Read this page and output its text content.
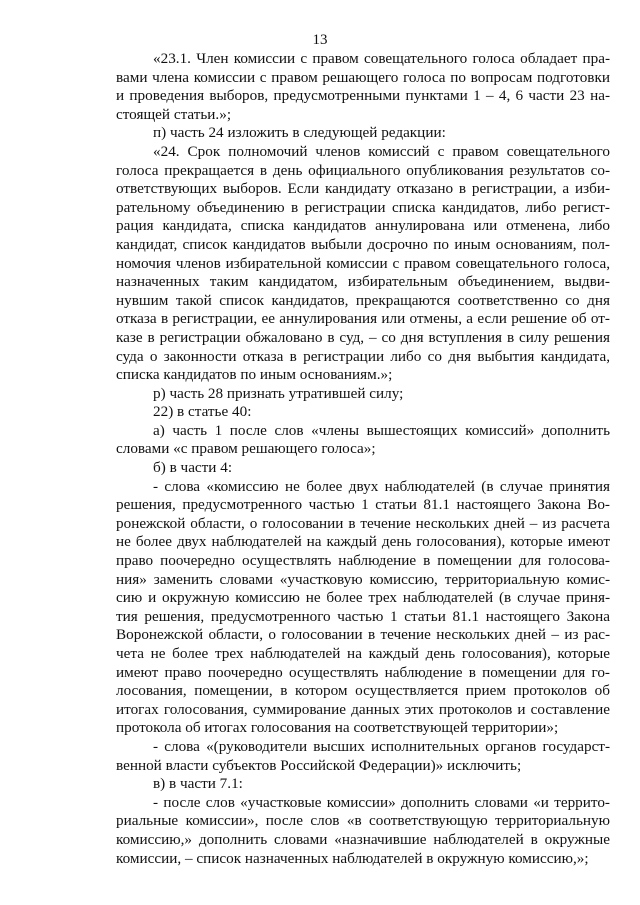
13
«23.1. Член комиссии с правом совещательного голоса обладает пра-
вами члена комиссии с правом решающего голоса по вопросам подготовки
и проведения выборов, предусмотренными пунктами 1 – 4, 6 части 23 на-
стоящей статьи.»;
п) часть 24 изложить в следующей редакции:
«24. Срок полномочий членов комиссий с правом совещательного
голоса прекращается в день официального опубликования результатов со-
ответствующих выборов. Если кандидату отказано в регистрации, а изби-
рательному объединению в регистрации списка кандидатов, либо регист-
рация кандидата, списка кандидатов аннулирована или отменена, либо
кандидат, список кандидатов выбыли досрочно по иным основаниям, пол-
номочия членов избирательной комиссии с правом совещательного голоса,
назначенных таким кандидатом, избирательным объединением, выдви-
нувшим такой список кандидатов, прекращаются соответственно со дня
отказа в регистрации, ее аннулирования или отмены, а если решение об от-
казе в регистрации обжаловано в суд, – со дня вступления в силу решения
суда о законности отказа в регистрации либо со дня выбытия кандидата,
списка кандидатов по иным основаниям.»;
р) часть 28 признать утратившей силу;
22) в статье 40:
а) часть 1 после слов «члены вышестоящих комиссий» дополнить
словами «с правом решающего голоса»;
б) в части 4:
- слова «комиссию не более двух наблюдателей (в случае принятия
решения, предусмотренного частью 1 статьи 81.1 настоящего Закона Во-
ронежской области, о голосовании в течение нескольких дней – из расчета
не более двух наблюдателей на каждый день голосования), которые имеют
право поочередно осуществлять наблюдение в помещении для голосова-
ния» заменить словами «участковую комиссию, территориальную комис-
сию и окружную комиссию не более трех наблюдателей (в случае приня-
тия решения, предусмотренного частью 1 статьи 81.1 настоящего Закона
Воронежской области, о голосовании в течение нескольких дней – из рас-
чета не более трех наблюдателей на каждый день голосования), которые
имеют право поочередно осуществлять наблюдение в помещении для го-
лосования, помещении, в котором осуществляется прием протоколов об
итогах голосования, суммирование данных этих протоколов и составление
протокола об итогах голосования на соответствующей территории»;
- слова «(руководители высших исполнительных органов государст-
венной власти субъектов Российской Федерации)» исключить;
в) в части 7.1:
- после слов «участковые комиссии» дополнить словами «и террито-
риальные комиссии», после слов «в соответствующую территориальную
комиссию,» дополнить словами «назначившие наблюдателей в окружные
комиссии, – список назначенных наблюдателей в окружную комиссию,»;
